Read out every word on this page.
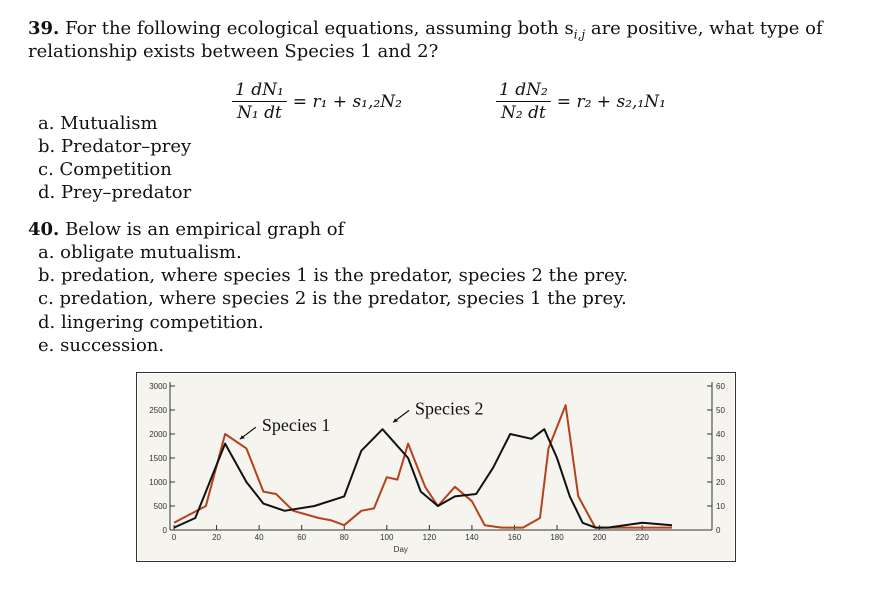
39. For the following ecological equations, assuming both $s_{i,j}$ are positive, what type of
relationship exists between Species 1 and 2?
$\frac{\text{1 dN₁}}{\text{N₁ dt}} = r_1 + s_1,_2N_2$	$\frac{\text{1 dN₂}}{\text{N₂ dt}} = r_2 + s_2,_1N_1$
a. Mutualism
b. Predator–prey
c. Competition
d. Prey–predator
40. Below is an empirical graph of
a. obligate mutualism.
b. predation, where species 1 is the predator, species 2 the prey.
c. predation, where species 2 is the predator, species 1 the prey.
d. lingering competition.
e. succession.
0
500
1000
1500
2000
2500
3000
0
10
20
30
40
50
60
0	20	40	60	80	100	120	140	160	180	200	220
Day
Species 1
Species 2
